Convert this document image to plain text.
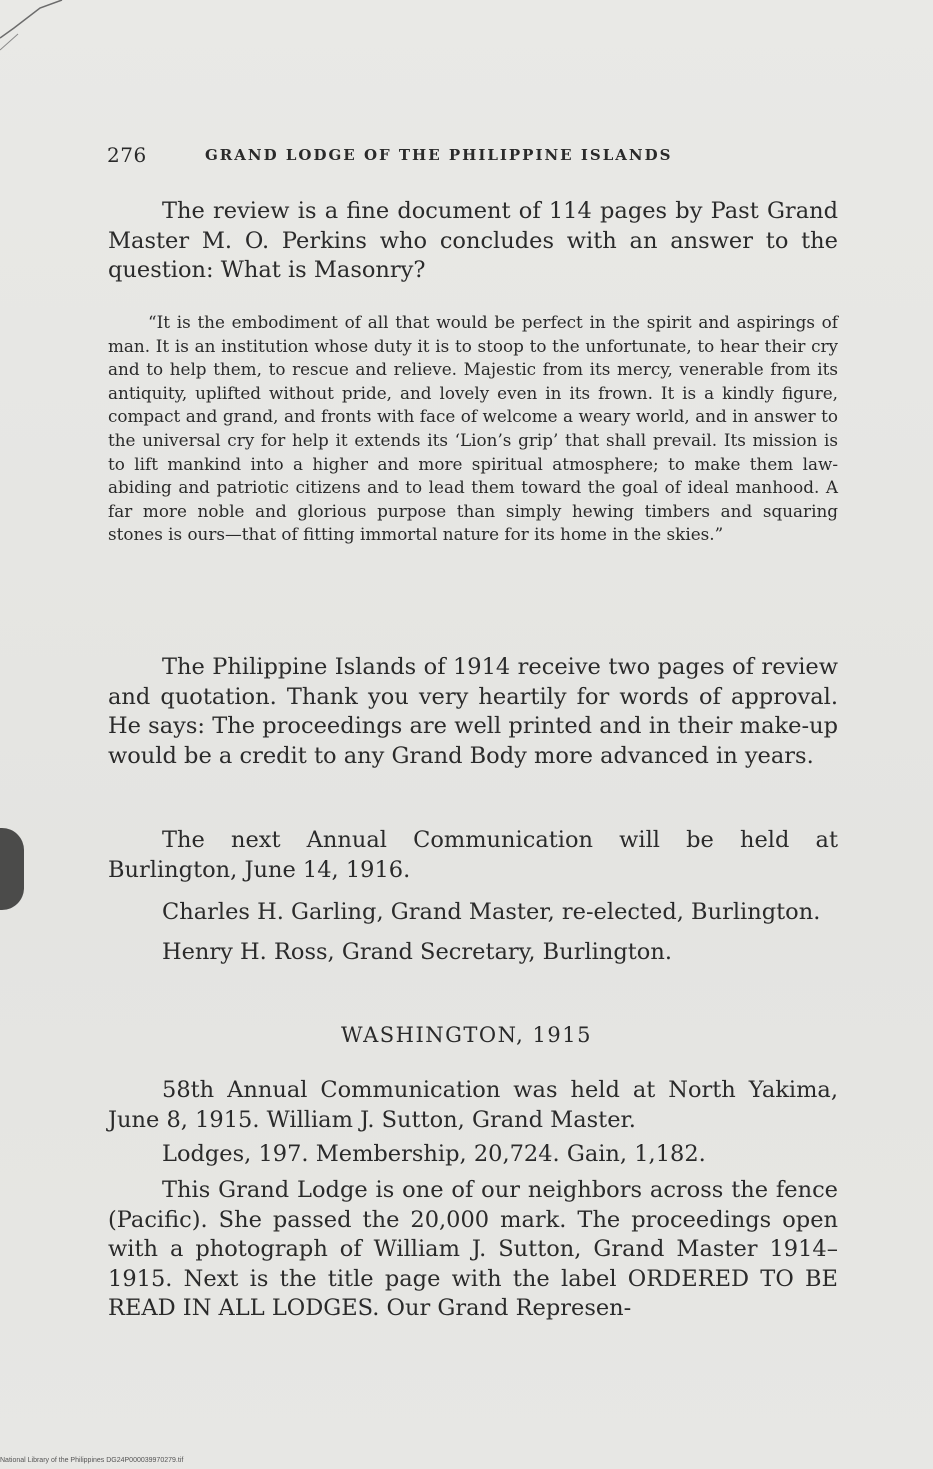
276	GRAND LODGE OF THE PHILIPPINE ISLANDS

The review is a fine document of 114 pages by Past Grand Master M. O. Perkins who concludes with an answer to the question: What is Masonry?

“It is the embodiment of all that would be perfect in the spirit and aspirings of man. It is an institution whose duty it is to stoop to the unfortunate, to hear their cry and to help them, to rescue and relieve. Majestic from its mercy, venerable from its antiquity, uplifted without pride, and lovely even in its frown. It is a kindly figure, compact and grand, and fronts with face of welcome a weary world, and in answer to the universal cry for help it extends its ‘Lion’s grip’ that shall prevail. Its mission is to lift mankind into a higher and more spiritual atmosphere; to make them law-abiding and patriotic citizens and to lead them toward the goal of ideal manhood. A far more noble and glorious purpose than simply hewing timbers and squaring stones is ours—that of fitting immortal nature for its home in the skies.”

The Philippine Islands of 1914 receive two pages of review and quotation. Thank you very heartily for words of approval. He says: The proceedings are well printed and in their make-up would be a credit to any Grand Body more advanced in years.

The next Annual Communication will be held at Burlington, June 14, 1916.

Charles H. Garling, Grand Master, re-elected, Burlington.

Henry H. Ross, Grand Secretary, Burlington.

WASHINGTON, 1915

58th Annual Communication was held at North Yakima, June 8, 1915. William J. Sutton, Grand Master.

Lodges, 197. Membership, 20,724. Gain, 1,182.

This Grand Lodge is one of our neighbors across the fence (Pacific). She passed the 20,000 mark. The proceedings open with a photograph of William J. Sutton, Grand Master 1914–1915. Next is the title page with the label ORDERED TO BE READ IN ALL LODGES. Our Grand Represen-

National Library of the Philippines DG24P000039970279.tif
